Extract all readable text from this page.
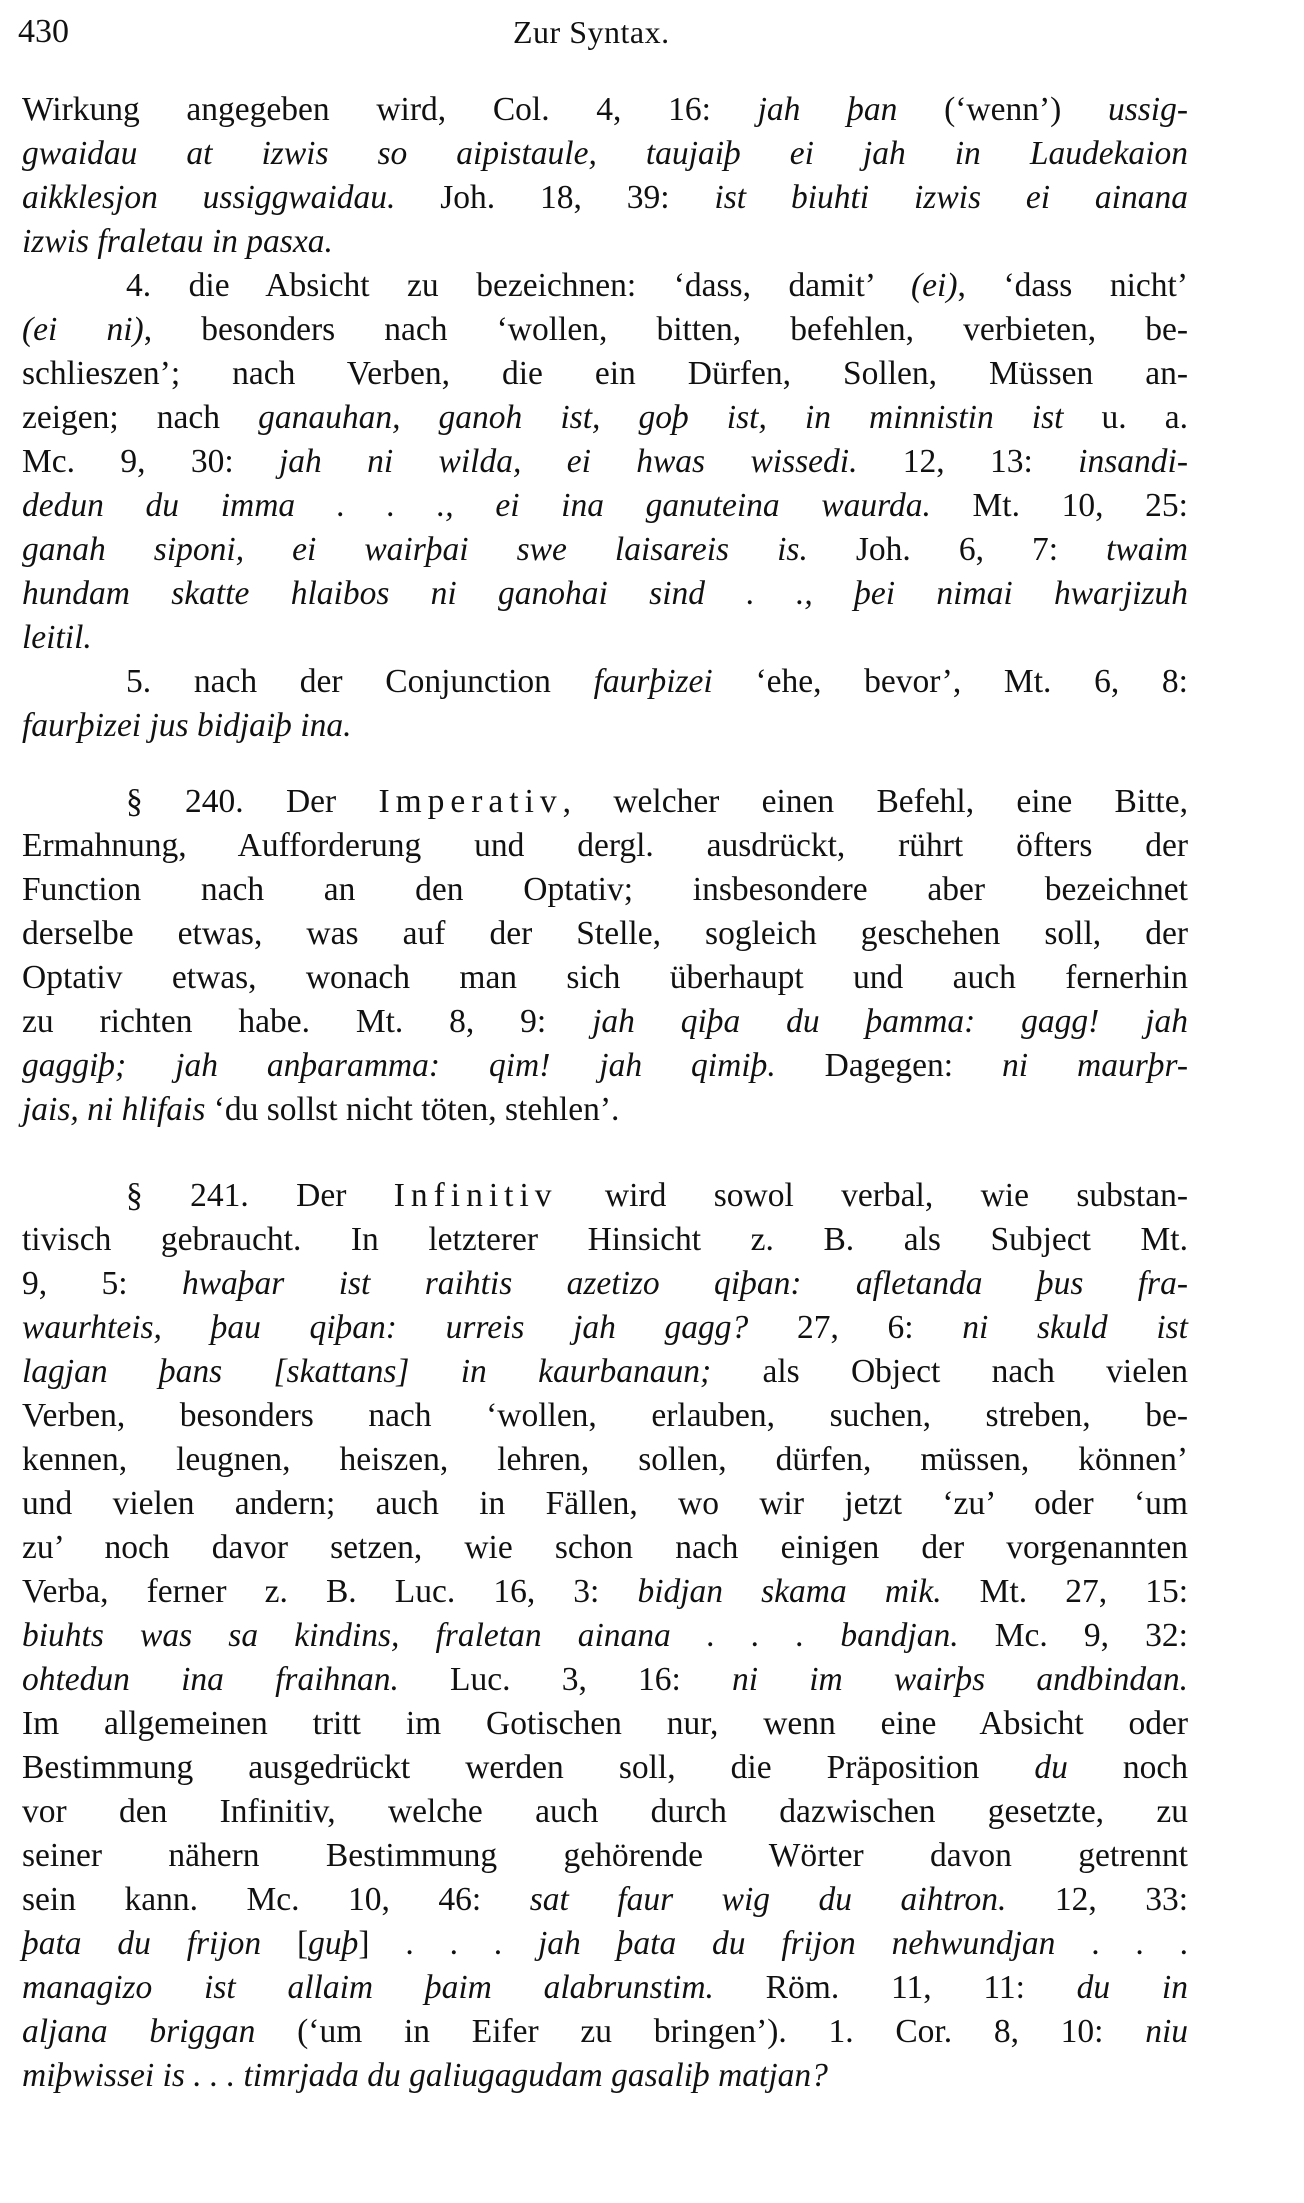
430	Zur Syntax.
Wirkung angegeben wird, Col. 4, 16: jah þan (‘wenn’) ussig-
gwaidau at izwis so aipistaule, taujaiþ ei jah in Laudekaion
aikklesjon ussiggwaidau. Joh. 18, 39: ist biuhti izwis ei ainana
izwis fraletau in pasxa.
4. die Absicht zu bezeichnen: ‘dass, damit’ (ei), ‘dass nicht’
(ei ni), besonders nach ‘wollen, bitten, befehlen, verbieten, be-
schlieszen’; nach Verben, die ein Dürfen, Sollen, Müssen an-
zeigen; nach ganauhan, ganoh ist, goþ ist, in minnistin ist u. a.
Mc. 9, 30: jah ni wilda, ei hwas wissedi. 12, 13: insandi-
dedun du imma . . ., ei ina ganuteina waurda. Mt. 10, 25:
ganah siponi, ei wairþai swe laisareis is. Joh. 6, 7: twaim
hundam skatte hlaibos ni ganohai sind . ., þei nimai hwarjizuh
leitil.
5. nach der Conjunction faurþizei ‘ehe, bevor’, Mt. 6, 8:
faurþizei jus bidjaiþ ina.
§ 240. Der Imperativ, welcher einen Befehl, eine Bitte,
Ermahnung, Aufforderung und dergl. ausdrückt, rührt öfters der
Function nach an den Optativ; insbesondere aber bezeichnet
derselbe etwas, was auf der Stelle, sogleich geschehen soll, der
Optativ etwas, wonach man sich überhaupt und auch fernerhin
zu richten habe. Mt. 8, 9: jah qiþa du þamma: gagg! jah
gaggiþ; jah anþaramma: qim! jah qimiþ. Dagegen: ni maurþr-
jais, ni hlifais ‘du sollst nicht töten, stehlen’.
§ 241. Der Infinitiv wird sowol verbal, wie substan-
tivisch gebraucht. In letzterer Hinsicht z. B. als Subject Mt.
9, 5: hwaþar ist raihtis azetizo qiþan: afletanda þus fra-
waurhteis, þau qiþan: urreis jah gagg? 27, 6: ni skuld ist
lagjan þans [skattans] in kaurbanaun; als Object nach vielen
Verben, besonders nach ‘wollen, erlauben, suchen, streben, be-
kennen, leugnen, heiszen, lehren, sollen, dürfen, müssen, können’
und vielen andern; auch in Fällen, wo wir jetzt ‘zu’ oder ‘um
zu’ noch davor setzen, wie schon nach einigen der vorgenannten
Verba, ferner z. B. Luc. 16, 3: bidjan skama mik. Mt. 27, 15:
biuhts was sa kindins, fraletan ainana . . . bandjan. Mc. 9, 32:
ohtedun ina fraihnan. Luc. 3, 16: ni im wairþs andbindan.
Im allgemeinen tritt im Gotischen nur, wenn eine Absicht oder
Bestimmung ausgedrückt werden soll, die Präposition du noch
vor den Infinitiv, welche auch durch dazwischen gesetzte, zu
seiner nähern Bestimmung gehörende Wörter davon getrennt
sein kann. Mc. 10, 46: sat faur wig du aihtron. 12, 33:
þata du frijon [guþ] . . . jah þata du frijon nehwundjan . . .
managizo ist allaim þaim alabrunstim. Röm. 11, 11: du in
aljana briggan (‘um in Eifer zu bringen’). 1. Cor. 8, 10: niu
miþwissei is . . . timrjada du galiugagudam gasaliþ matjan?
